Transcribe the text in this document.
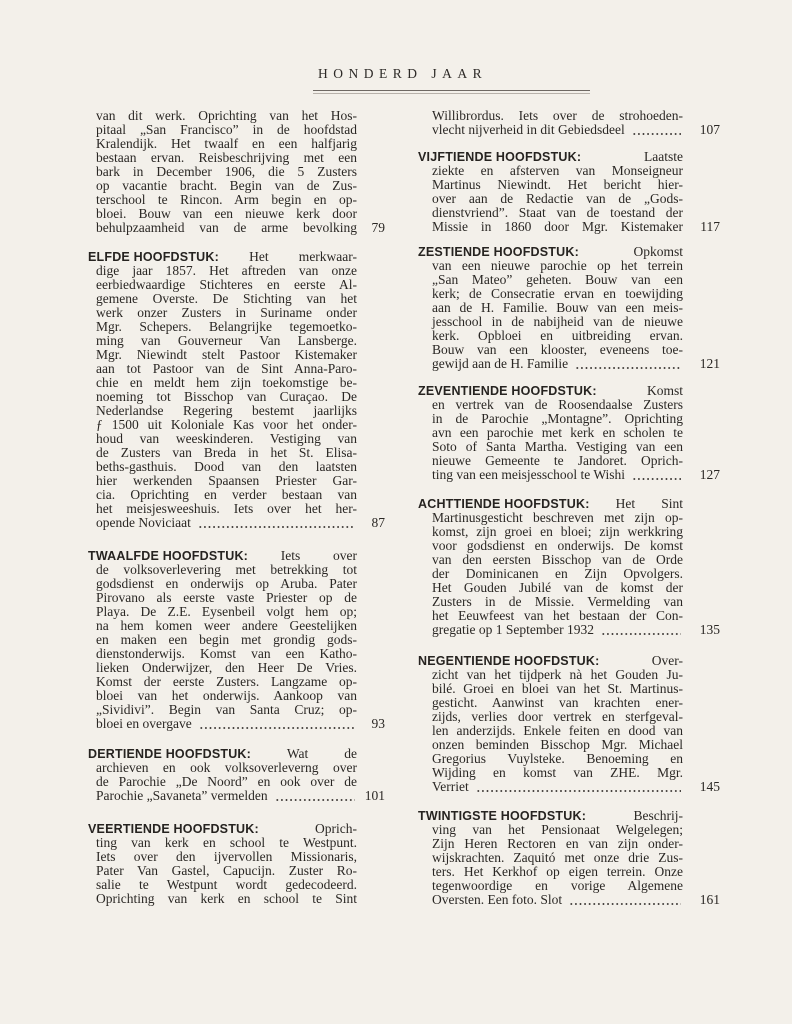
HONDERD JAAR
van dit werk. Oprichting van het Hos-
pitaal „San Francisco” in de hoofdstad
Kralendijk. Het twaalf en een halfjarig
bestaan ervan. Reisbeschrijving met een
bark in December 1906, die 5 Zusters
op vacantie bracht. Begin van de Zus-
terschool te Rincon. Arm begin en op-
bloei. Bouw van een nieuwe kerk door
behulpzaamheid van de arme bevolking 79
ELFDE HOOFDSTUK: Het merkwaar-
dige jaar 1857. Het aftreden van onze
eerbiedwaardige Stichteres en eerste Al-
gemene Overste. De Stichting van het
werk onzer Zusters in Suriname onder
Mgr. Schepers. Belangrijke tegemoetko-
ming van Gouverneur Van Lansberge.
Mgr. Niewindt stelt Pastoor Kistemaker
aan tot Pastoor van de Sint Anna-Paro-
chie en meldt hem zijn toekomstige be-
noeming tot Bisschop van Curaçao. De
Nederlandse Regering bestemt jaarlijks
ƒ 1500 uit Koloniale Kas voor het onder-
houd van weeskinderen. Vestiging van
de Zusters van Breda in het St. Elisa-
beths-gasthuis. Dood van den laatsten
hier werkenden Spaansen Priester Gar-
cia. Oprichting en verder bestaan van
het meisjesweeshuis. Iets over het her-
opende Noviciaat	87
TWAALFDE HOOFDSTUK: Iets over
de volksoverlevering met betrekking tot
godsdienst en onderwijs op Aruba. Pater
Pirovano als eerste vaste Priester op de
Playa. De Z.E. Eysenbeil volgt hem op;
na hem komen weer andere Geestelijken
en maken een begin met grondig gods-
dienstonderwijs. Komst van een Katho-
lieken Onderwijzer, den Heer De Vries.
Komst der eerste Zusters. Langzame op-
bloei van het onderwijs. Aankoop van
„Sividivi”. Begin van Santa Cruz; op-
bloei en overgave	93
DERTIENDE HOOFDSTUK:	Wat de
archieven en ook volksoverleverng over
de Parochie „De Noord” en ook over de
Parochie „Savaneta” vermelden	101
VEERTIENDE HOOFDSTUK:	Oprich-
ting van kerk en school te Westpunt.
Iets over den ijvervollen Missionaris,
Pater Van Gastel, Capucijn. Zuster Ro-
salie te Westpunt wordt gedecodeerd.
Oprichting van kerk en school te Sint
Willibrordus. Iets over de strohoeden-
vlecht nijverheid in dit Gebiedsdeel	107
VIJFTIENDE HOOFDSTUK:	Laatste
ziekte en afsterven van Monseigneur
Martinus Niewindt. Het bericht hier-
over aan de Redactie van de „Gods-
dienstvriend”. Staat van de toestand der
Missie in 1860 door Mgr. Kistemaker 117
ZESTIENDE HOOFDSTUK:	Opkomst
van een nieuwe parochie op het terrein
„San Mateo” geheten. Bouw van een
kerk; de Consecratie ervan en toewijding
aan de H. Familie. Bouw van een meis-
jesschool in de nabijheid van de nieuwe
kerk. Opbloei en uitbreiding ervan.
Bouw van een klooster, eveneens toe-
gewijd aan de H. Familie	121
ZEVENTIENDE HOOFDSTUK:	Komst
en vertrek van de Roosendaalse Zusters
in de Parochie „Montagne”. Oprichting
avn een parochie met kerk en scholen te
Soto of Santa Martha. Vestiging van een
nieuwe Gemeente te Jandoret. Oprich-
ting van een meisjesschool te Wishi	127
ACHTTIENDE HOOFDSTUK: Het Sint
Martinusgesticht beschreven met zijn op-
komst, zijn groei en bloei; zijn werkkring
voor godsdienst en onderwijs. De komst
van den eersten Bisschop van de Orde
der Dominicanen en Zijn Opvolgers.
Het Gouden Jubilé van de komst der
Zusters in de Missie. Vermelding van
het Eeuwfeest van het bestaan der Con-
gregatie op 1 September 1932	135
NEGENTIENDE HOOFDSTUK:	Over-
zicht van het tijdperk nà het Gouden Ju-
bilé. Groei en bloei van het St. Martinus-
gesticht. Aanwinst van krachten ener-
zijds, verlies door vertrek en sterfgeval-
len anderzijds. Enkele feiten en dood van
onzen beminden Bisschop Mgr. Michael
Gregorius Vuylsteke. Benoeming en
Wijding en komst van ZHE. Mgr.
Verriet	145
TWINTIGSTE HOOFDSTUK:	Beschrij-
ving van het Pensionaat Welgelegen;
Zijn Heren Rectoren en van zijn onder-
wijskrachten. Zaquitó met onze drie Zus-
ters. Het Kerkhof op eigen terrein. Onze
tegenwoordige en vorige Algemene
Oversten. Een foto. Slot	161
